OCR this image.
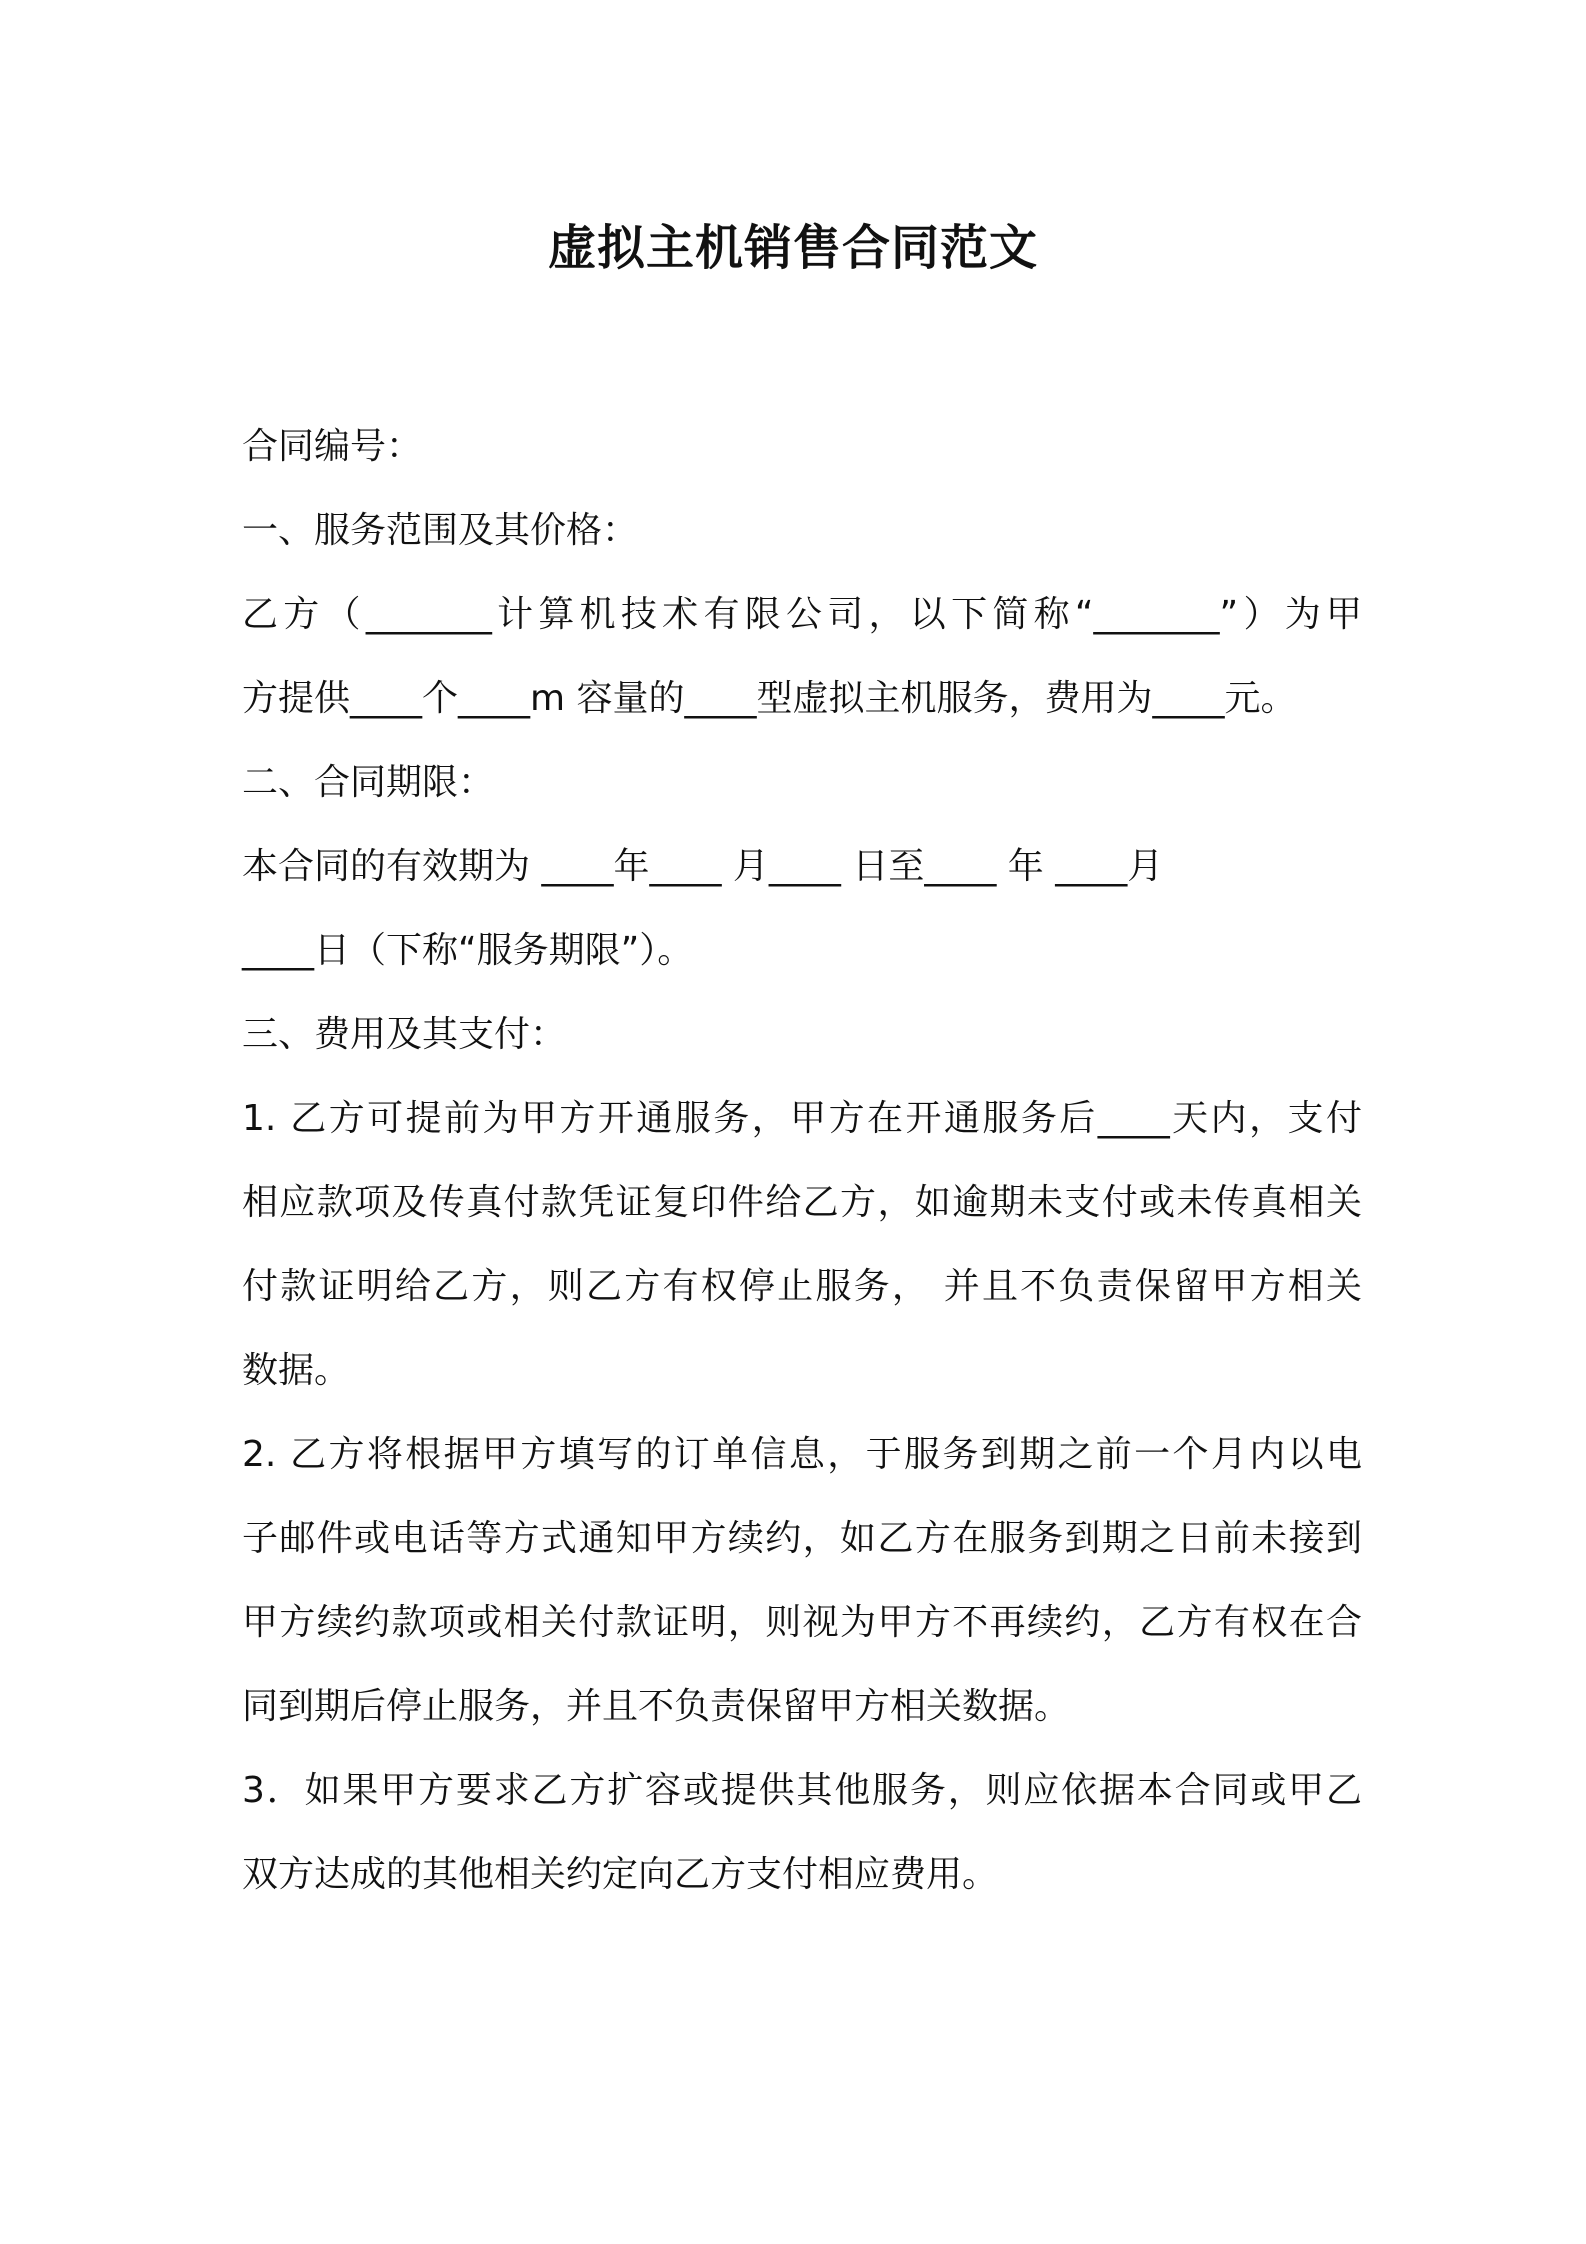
虚拟主机销售合同范文

合同编号：

一、服务范围及其价格：

乙方（_______计算机技术有限公司，以下简称“_______”）为甲

方提供____个____m 容量的____型虚拟主机服务，费用为____元。

二、合同期限：

本合同的有效期为 ____年____ 月____ 日至____ 年 ____月

____日（下称“服务期限”）。

三、费用及其支付：

1. 乙方可提前为甲方开通服务，甲方在开通服务后____天内，支付

相应款项及传真付款凭证复印件给乙方，如逾期未支付或未传真相关

付款证明给乙方，则乙方有权停止服务， 并且不负责保留甲方相关

数据。

2. 乙方将根据甲方填写的订单信息，于服务到期之前一个月内以电

子邮件或电话等方式通知甲方续约，如乙方在服务到期之日前未接到

甲方续约款项或相关付款证明，则视为甲方不再续约，乙方有权在合

同到期后停止服务，并且不负责保留甲方相关数据。

3．如果甲方要求乙方扩容或提供其他服务，则应依据本合同或甲乙

双方达成的其他相关约定向乙方支付相应费用。
